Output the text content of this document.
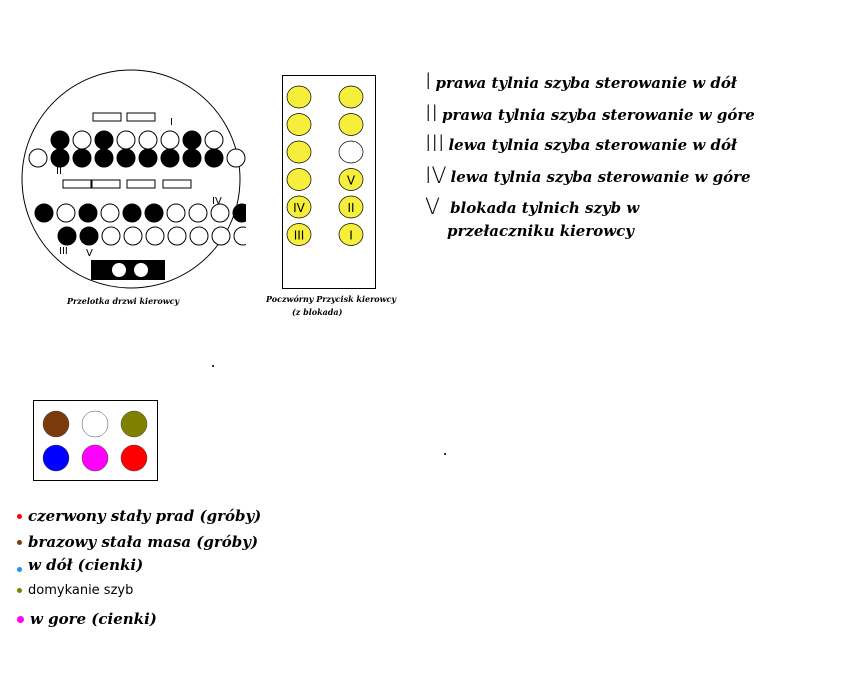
I
II
III V
IV
Przelotka drzwi kierowcy
V
IV	II
III	I
Poczwórny Przycisk kierowcy
(z blokada)
I prawa tylnia szyba sterowanie w dół
II prawa tylnia szyba sterowanie w góre
III lewa tylnia szyba sterowanie w dół
IV lewa tylnia szyba sterowanie w góre
V blokada tylnich szyb w
przełaczniku kierowcy
czerwony stały prad (gróby)
brazowy stała masa (gróby)
w dół (cienki)
domykanie szyb
w gore (cienki)
